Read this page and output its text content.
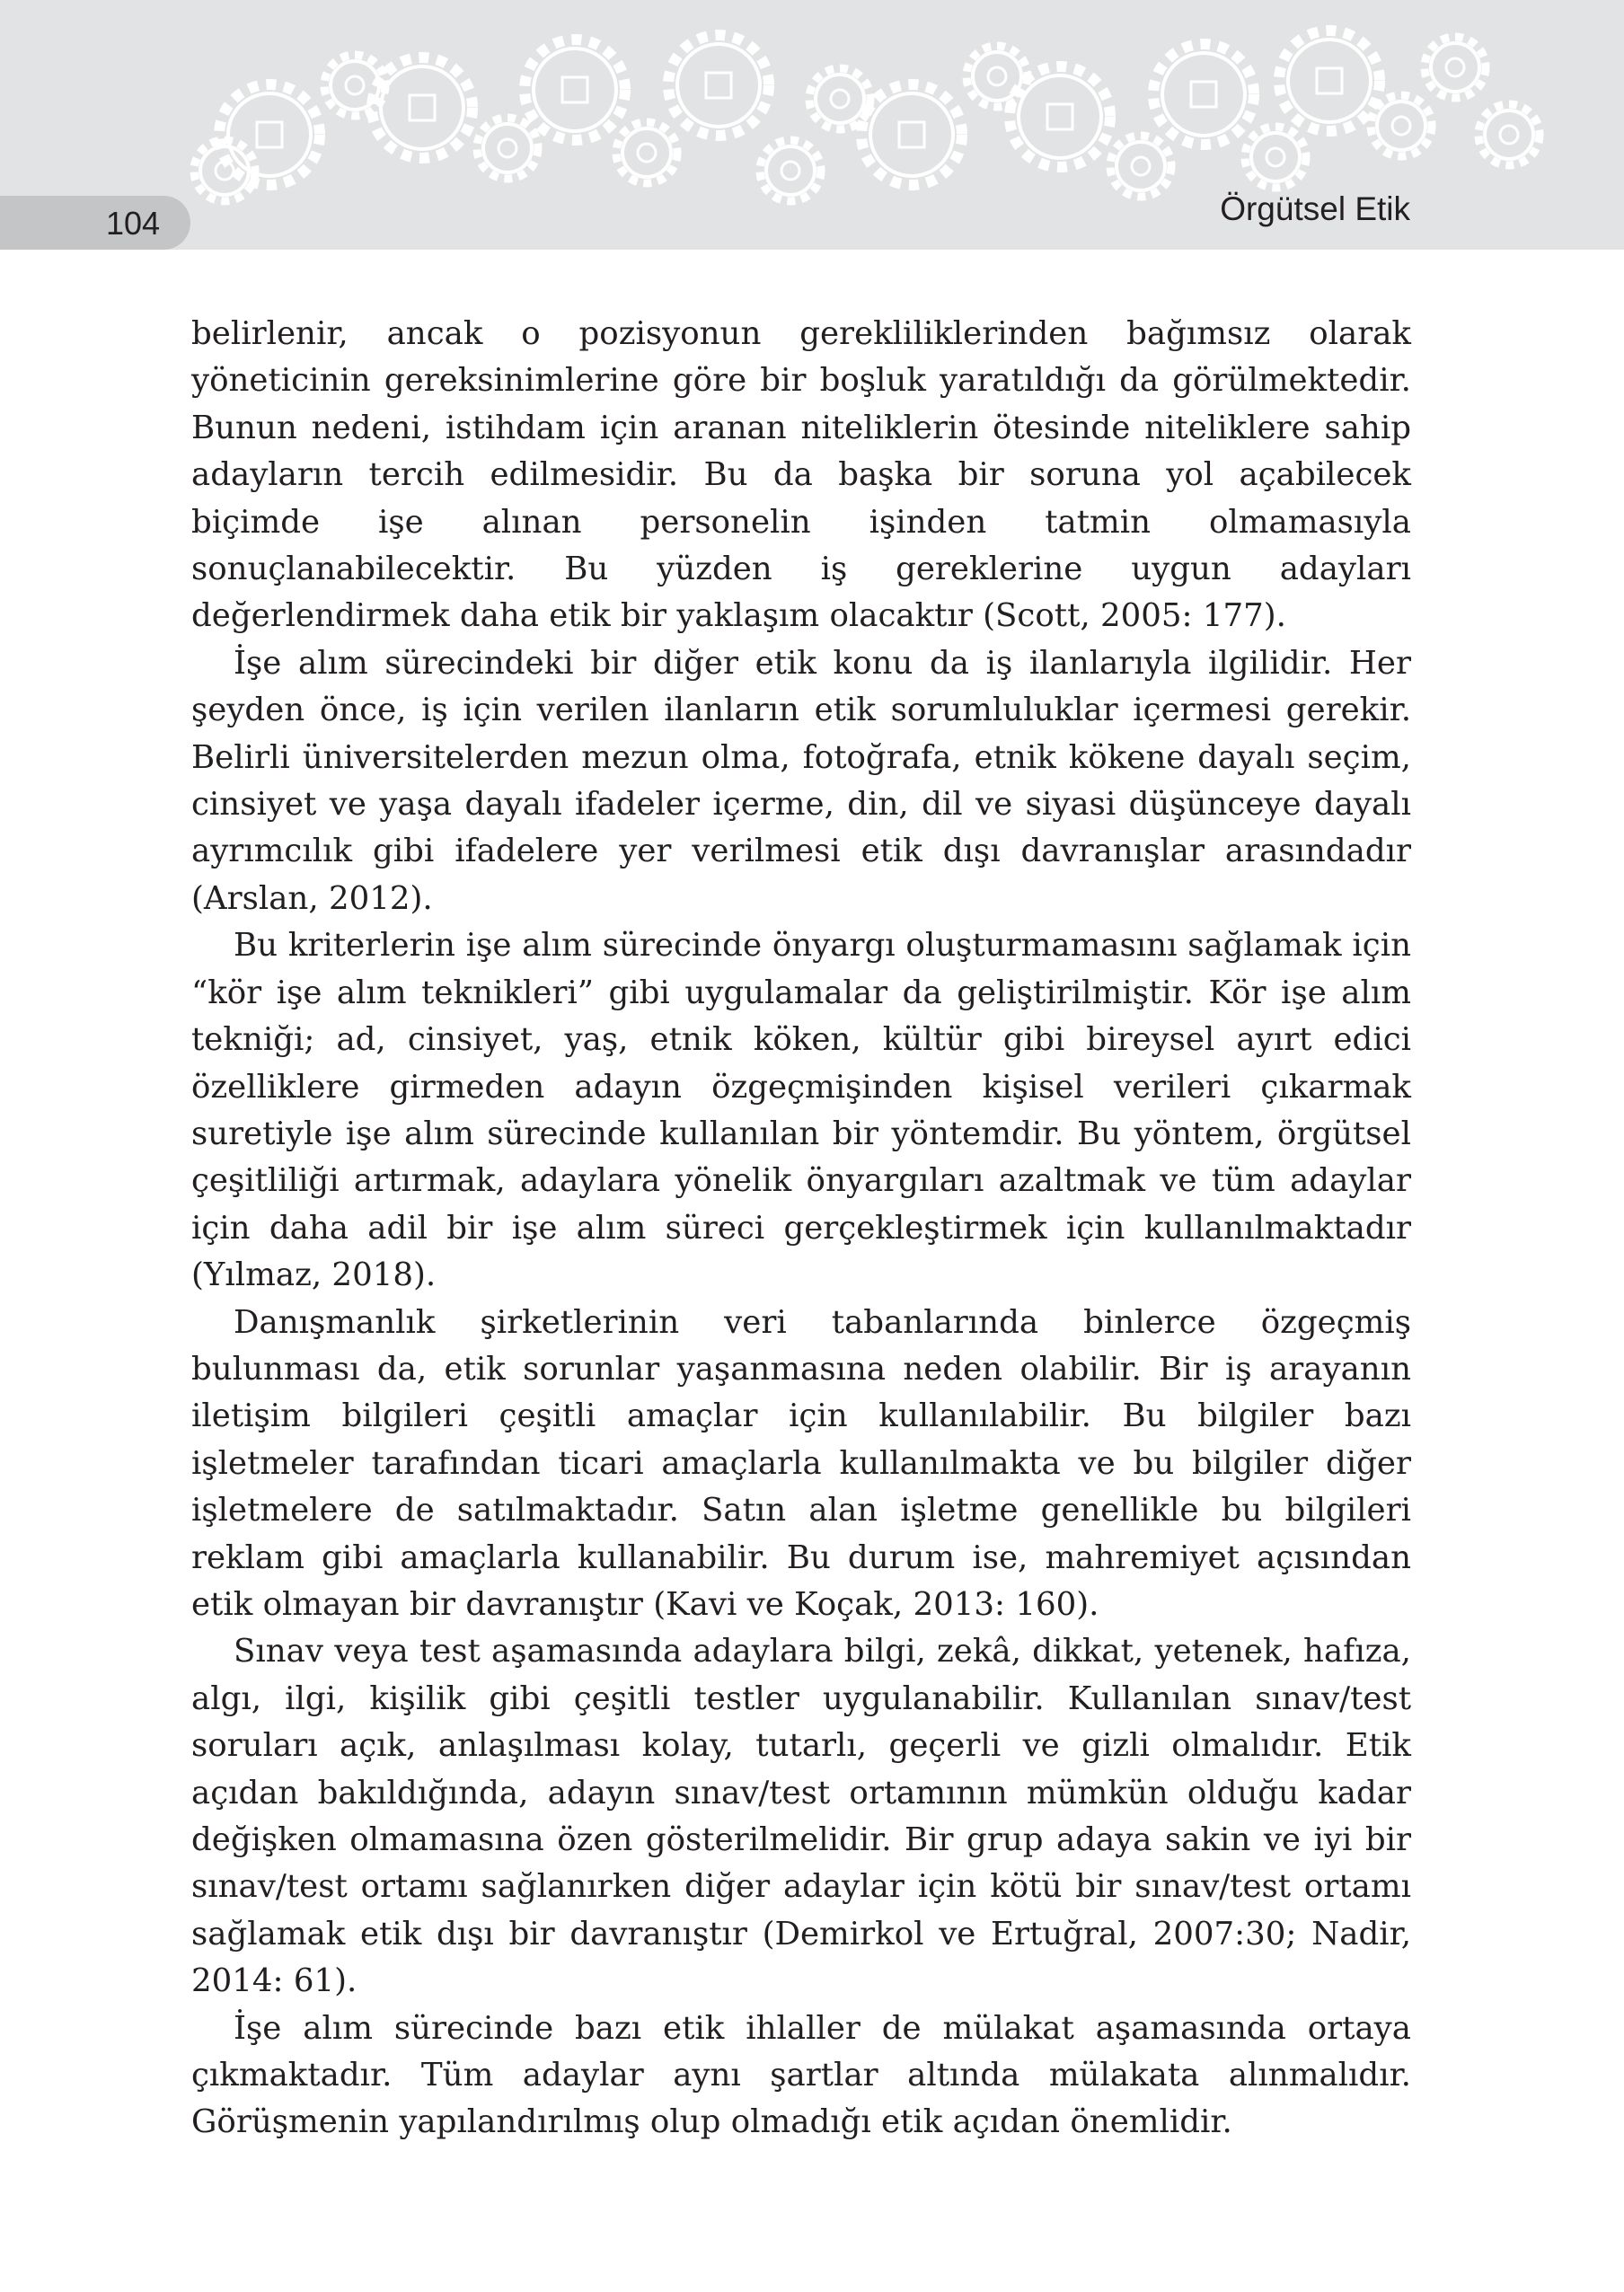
104	Örgütsel Etik

belirlenir, ancak o pozisyonun gerekliliklerinden bağımsız olarak yöneticinin gereksinimlerine göre bir boşluk yaratıldığı da görülmektedir. Bunun nedeni, istihdam için aranan niteliklerin ötesinde niteliklere sahip adayların tercih edilmesidir. Bu da başka bir soruna yol açabilecek biçimde işe alınan personelin işinden tatmin olmamasıyla sonuçlanabilecektir. Bu yüzden iş gereklerine uygun adayları değerlendirmek daha etik bir yaklaşım olacaktır (Scott, 2005: 177).

İşe alım sürecindeki bir diğer etik konu da iş ilanlarıyla ilgilidir. Her şeyden önce, iş için verilen ilanların etik sorumluluklar içermesi gerekir. Belirli üniversitelerden mezun olma, fotoğrafa, etnik kökene dayalı seçim, cinsiyet ve yaşa dayalı ifadeler içerme, din, dil ve siyasi düşünceye dayalı ayrımcılık gibi ifadelere yer verilmesi etik dışı davranışlar arasındadır (Arslan, 2012).

Bu kriterlerin işe alım sürecinde önyargı oluşturmamasını sağlamak için “kör işe alım teknikleri” gibi uygulamalar da geliştirilmiştir. Kör işe alım tekniği; ad, cinsiyet, yaş, etnik köken, kültür gibi bireysel ayırt edici özelliklere girmeden adayın özgeçmişinden kişisel verileri çıkarmak suretiyle işe alım sürecinde kullanılan bir yöntemdir. Bu yöntem, örgütsel çeşitliliği artırmak, adaylara yönelik önyargıları azaltmak ve tüm adaylar için daha adil bir işe alım süreci gerçekleştirmek için kullanılmaktadır (Yılmaz, 2018).

Danışmanlık şirketlerinin veri tabanlarında binlerce özgeçmiş bulunması da, etik sorunlar yaşanmasına neden olabilir. Bir iş arayanın iletişim bilgileri çeşitli amaçlar için kullanılabilir. Bu bilgiler bazı işletmeler tarafından ticari amaçlarla kullanılmakta ve bu bilgiler diğer işletmelere de satılmaktadır. Satın alan işletme genellikle bu bilgileri reklam gibi amaçlarla kullanabilir. Bu durum ise, mahremiyet açısından etik olmayan bir davranıştır (Kavi ve Koçak, 2013: 160).

Sınav veya test aşamasında adaylara bilgi, zekâ, dikkat, yetenek, hafıza, algı, ilgi, kişilik gibi çeşitli testler uygulanabilir. Kullanılan sınav/test soruları açık, anlaşılması kolay, tutarlı, geçerli ve gizli olmalıdır. Etik açıdan bakıldığında, adayın sınav/test ortamının mümkün olduğu kadar değişken olmamasına özen gösterilmelidir. Bir grup adaya sakin ve iyi bir sınav/test ortamı sağlanırken diğer adaylar için kötü bir sınav/test ortamı sağlamak etik dışı bir davranıştır (Demirkol ve Ertuğral, 2007:30; Nadir, 2014: 61).

İşe alım sürecinde bazı etik ihlaller de mülakat aşamasında ortaya çıkmaktadır. Tüm adaylar aynı şartlar altında mülakata alınmalıdır. Görüşmenin yapılandırılmış olup olmadığı etik açıdan önemlidir.
